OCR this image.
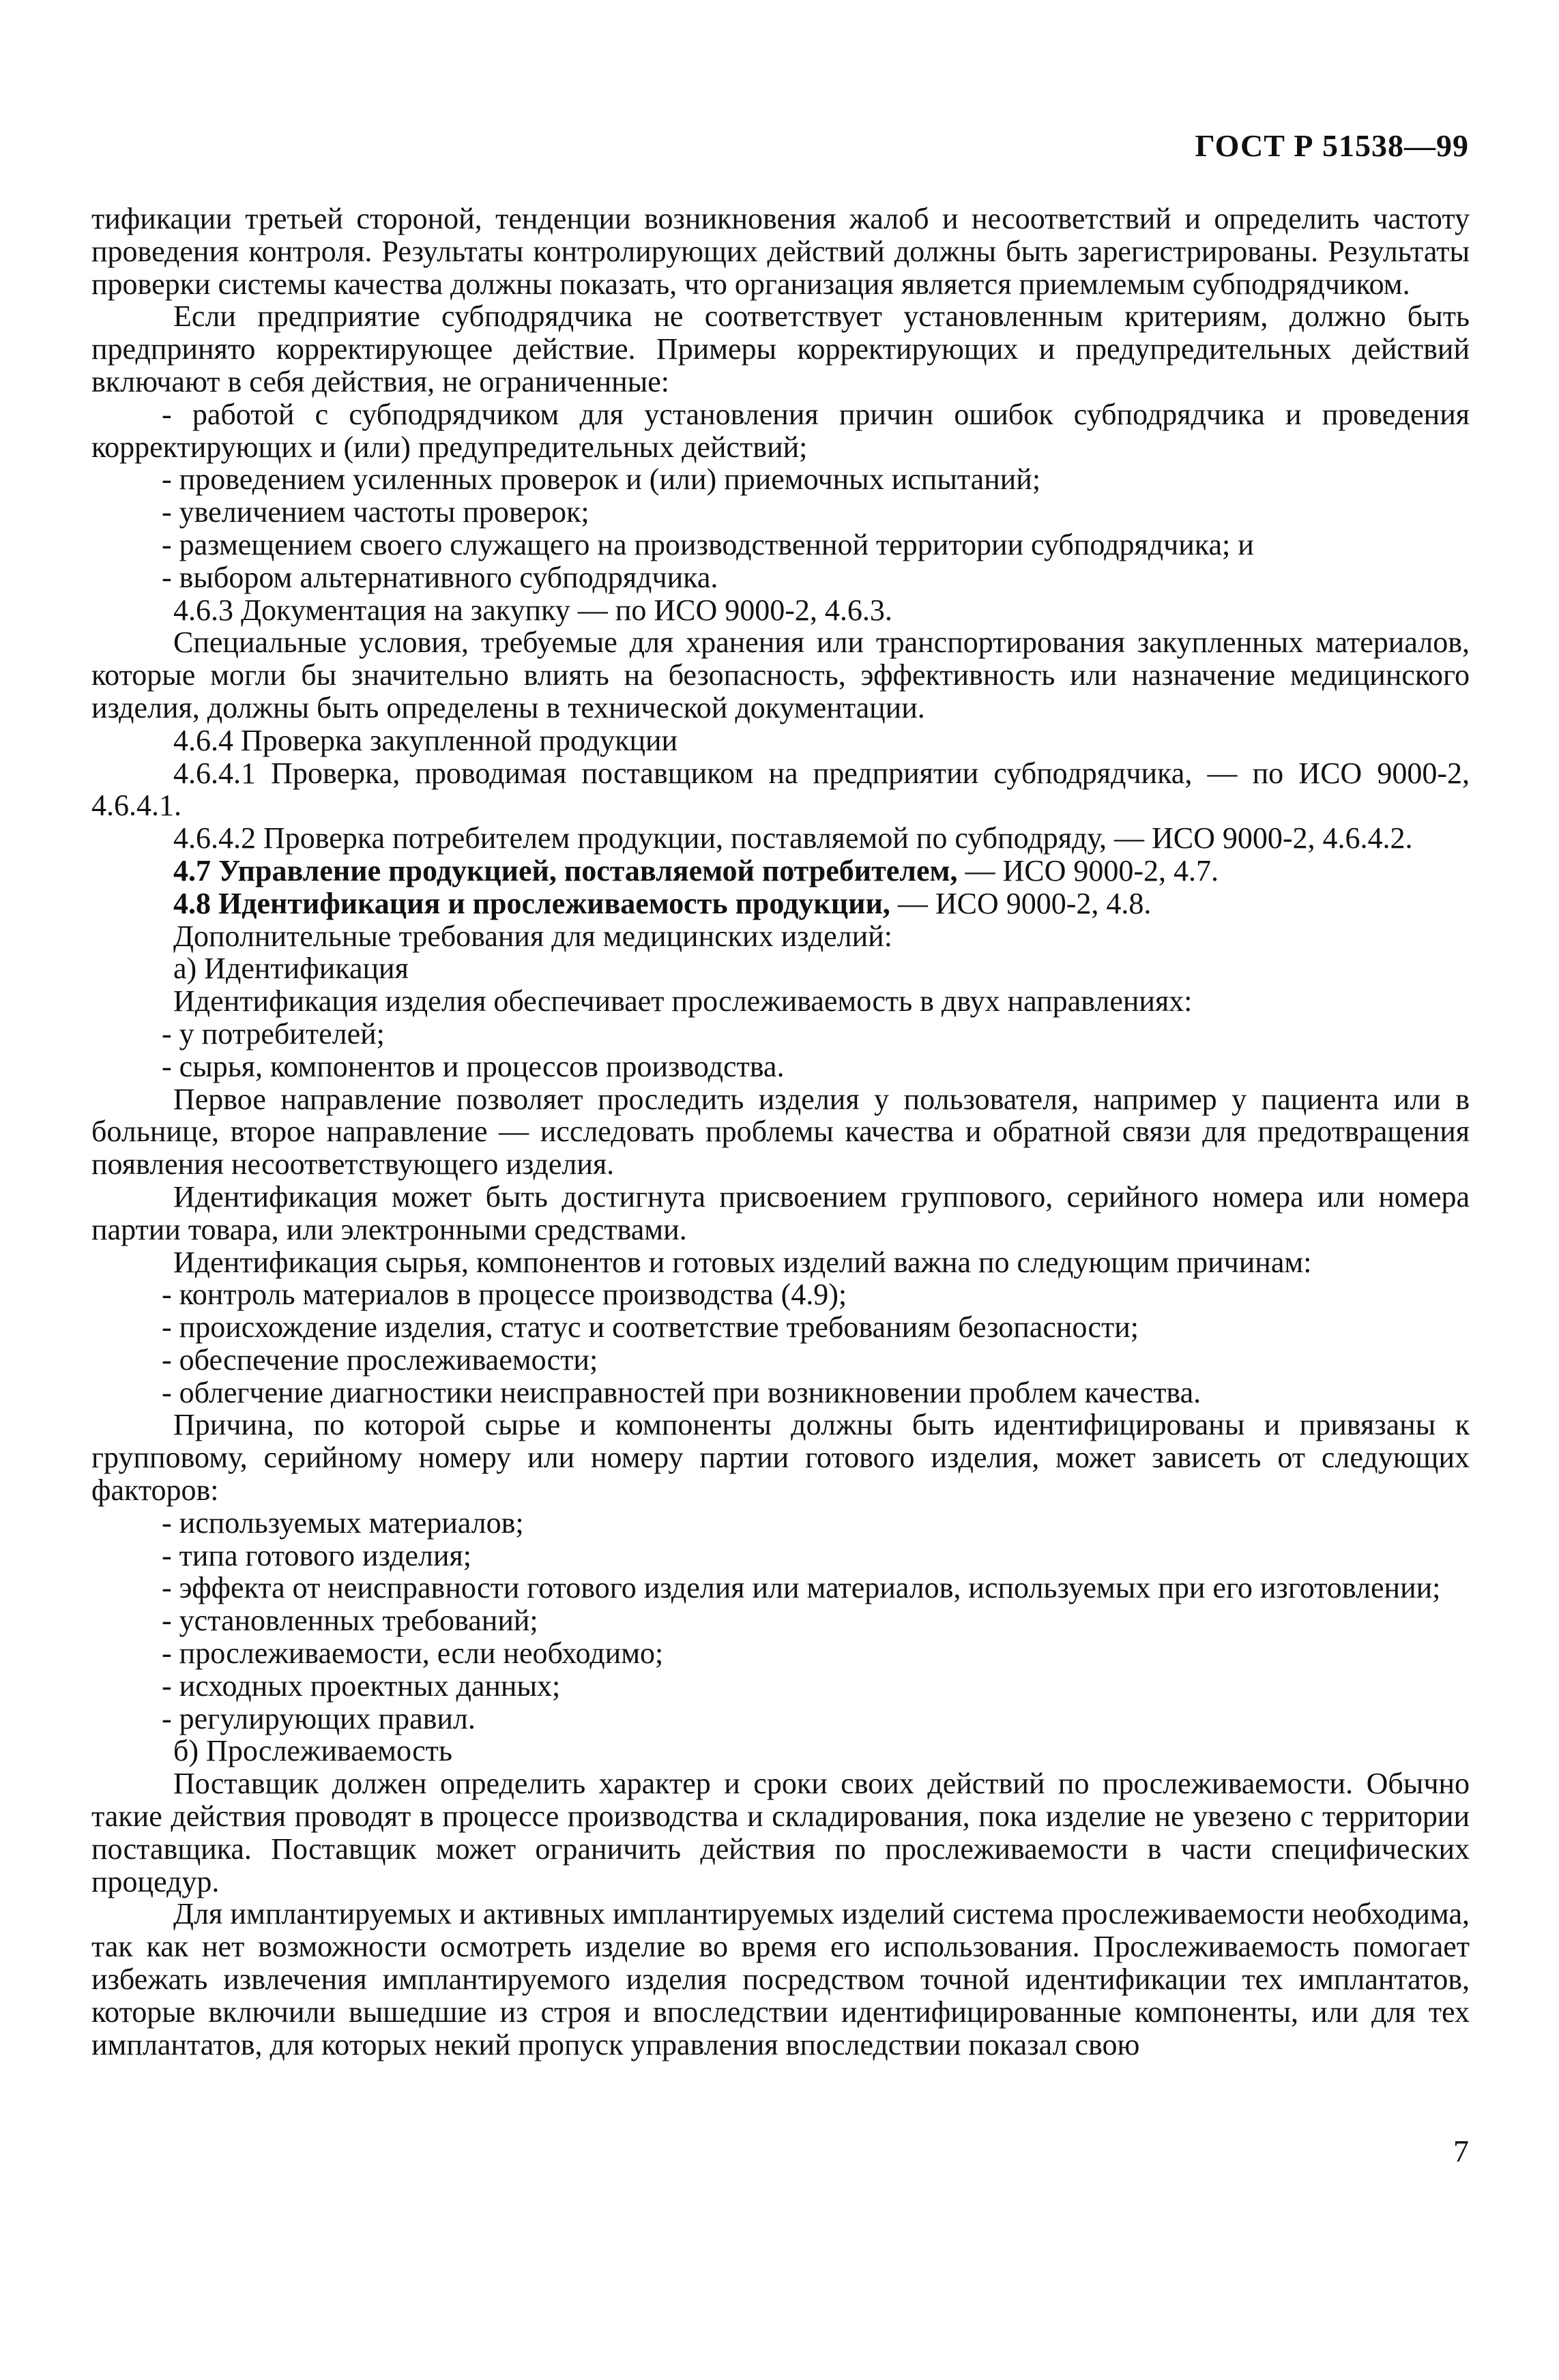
ГОСТ Р 51538—99

тификации третьей стороной, тенденции возникновения жалоб и несоответствий и определить частоту проведения контроля. Результаты контролирующих действий должны быть зарегистрированы. Результаты проверки системы качества должны показать, что организация является приемлемым субподрядчиком.

Если предприятие субподрядчика не соответствует установленным критериям, должно быть предпринято корректирующее действие. Примеры корректирующих и предупредительных действий включают в себя действия, не ограниченные:

- работой с субподрядчиком для установления причин ошибок субподрядчика и проведения корректирующих и (или) предупредительных действий;

- проведением усиленных проверок и (или) приемочных испытаний;

- увеличением частоты проверок;

- размещением своего служащего на производственной территории субподрядчика; и

- выбором альтернативного субподрядчика.

4.6.3 Документация на закупку — по ИСО 9000-2, 4.6.3.

Специальные условия, требуемые для хранения или транспортирования закупленных материалов, которые могли бы значительно влиять на безопасность, эффективность или назначение медицинского изделия, должны быть определены в технической документации.

4.6.4 Проверка закупленной продукции

4.6.4.1 Проверка, проводимая поставщиком на предприятии субподрядчика, — по ИСО 9000-2, 4.6.4.1.

4.6.4.2 Проверка потребителем продукции, поставляемой по субподряду, — ИСО 9000-2, 4.6.4.2.

4.7 Управление продукцией, поставляемой потребителем, — ИСО 9000-2, 4.7.

4.8 Идентификация и прослеживаемость продукции, — ИСО 9000-2, 4.8.

Дополнительные требования для медицинских изделий:

а) Идентификация

Идентификация изделия обеспечивает прослеживаемость в двух направлениях:

- у потребителей;

- сырья, компонентов и процессов производства.

Первое направление позволяет проследить изделия у пользователя, например у пациента или в больнице, второе направление — исследовать проблемы качества и обратной связи для предотвращения появления несоответствующего изделия.

Идентификация может быть достигнута присвоением группового, серийного номера или номера партии товара, или электронными средствами.

Идентификация сырья, компонентов и готовых изделий важна по следующим причинам:

- контроль материалов в процессе производства (4.9);

- происхождение изделия, статус и соответствие требованиям безопасности;

- обеспечение прослеживаемости;

- облегчение диагностики неисправностей при возникновении проблем качества.

Причина, по которой сырье и компоненты должны быть идентифицированы и привязаны к групповому, серийному номеру или номеру партии готового изделия, может зависеть от следующих факторов:

- используемых материалов;

- типа готового изделия;

- эффекта от неисправности готового изделия или материалов, используемых при его изготовлении;

- установленных требований;

- прослеживаемости, если необходимо;

- исходных проектных данных;

- регулирующих правил.

б) Прослеживаемость

Поставщик должен определить характер и сроки своих действий по прослеживаемости. Обычно такие действия проводят в процессе производства и складирования, пока изделие не увезено с территории поставщика. Поставщик может ограничить действия по прослеживаемости в части специфических процедур.

Для имплантируемых и активных имплантируемых изделий система прослеживаемости необходима, так как нет возможности осмотреть изделие во время его использования. Прослеживаемость помогает избежать извлечения имплантируемого изделия посредством точной идентификации тех имплантатов, которые включили вышедшие из строя и впоследствии идентифицированные компоненты, или для тех имплантатов, для которых некий пропуск управления впоследствии показал свою

7
